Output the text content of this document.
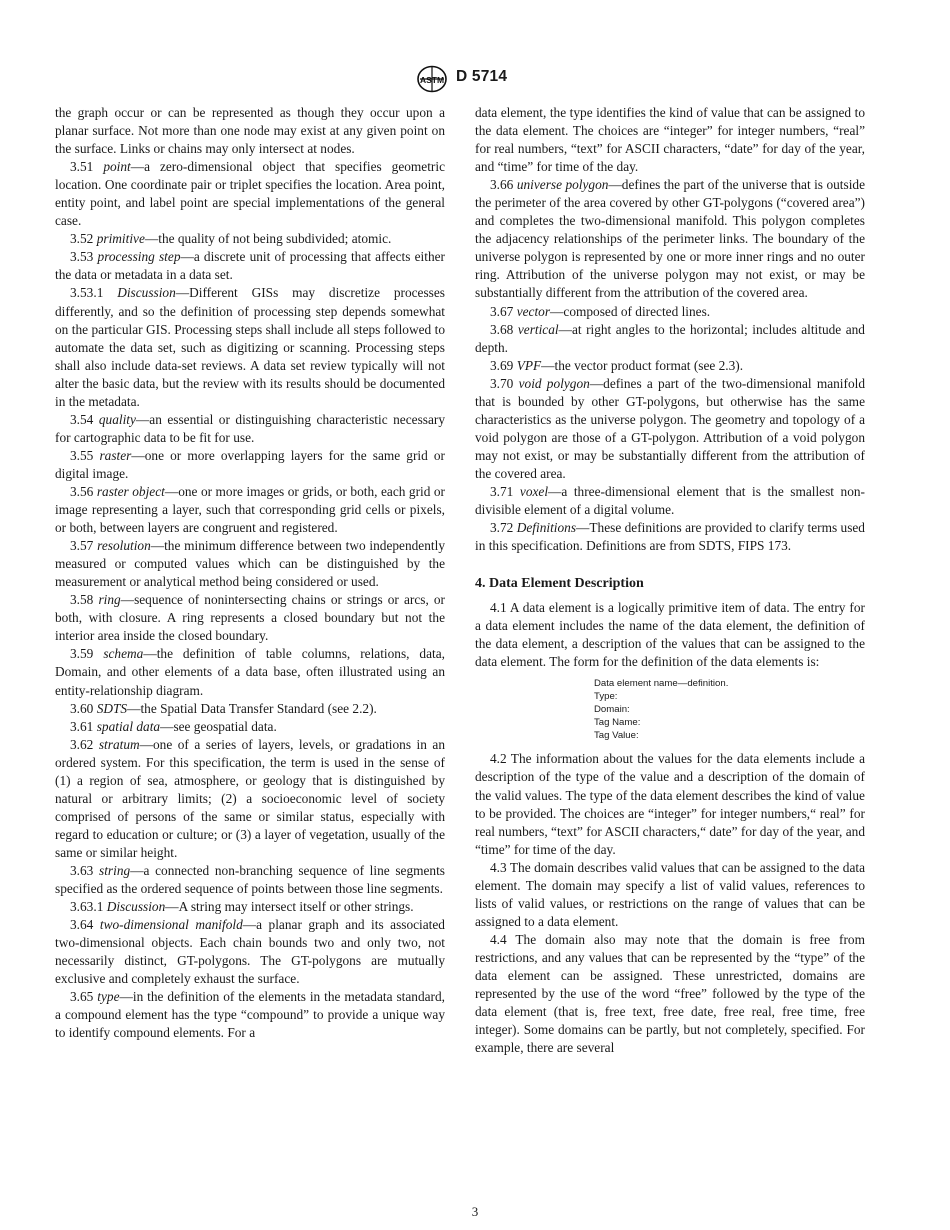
ASTM D 5714

the graph occur or can be represented as though they occur upon a planar surface. Not more than one node may exist at any given point on the surface. Links or chains may only intersect at nodes.

3.51 point—a zero-dimensional object that specifies geometric location. One coordinate pair or triplet specifies the location. Area point, entity point, and label point are special implementations of the general case.

3.52 primitive—the quality of not being subdivided; atomic.

3.53 processing step—a discrete unit of processing that affects either the data or metadata in a data set.

3.53.1 Discussion—Different GISs may discretize processes differently, and so the definition of processing step depends somewhat on the particular GIS. Processing steps shall include all steps followed to automate the data set, such as digitizing or scanning. Processing steps shall also include data-set reviews. A data set review typically will not alter the basic data, but the review with its results should be documented in the metadata.

3.54 quality—an essential or distinguishing characteristic necessary for cartographic data to be fit for use.

3.55 raster—one or more overlapping layers for the same grid or digital image.

3.56 raster object—one or more images or grids, or both, each grid or image representing a layer, such that corresponding grid cells or pixels, or both, between layers are congruent and registered.

3.57 resolution—the minimum difference between two independently measured or computed values which can be distinguished by the measurement or analytical method being considered or used.

3.58 ring—sequence of nonintersecting chains or strings or arcs, or both, with closure. A ring represents a closed boundary but not the interior area inside the closed boundary.

3.59 schema—the definition of table columns, relations, data, Domain, and other elements of a data base, often illustrated using an entity-relationship diagram.

3.60 SDTS—the Spatial Data Transfer Standard (see 2.2).

3.61 spatial data—see geospatial data.

3.62 stratum—one of a series of layers, levels, or gradations in an ordered system. For this specification, the term is used in the sense of (1) a region of sea, atmosphere, or geology that is distinguished by natural or arbitrary limits; (2) a socioeconomic level of society comprised of persons of the same or similar status, especially with regard to education or culture; or (3) a layer of vegetation, usually of the same or similar height.

3.63 string—a connected non-branching sequence of line segments specified as the ordered sequence of points between those line segments.

3.63.1 Discussion—A string may intersect itself or other strings.

3.64 two-dimensional manifold—a planar graph and its associated two-dimensional objects. Each chain bounds two and only two, not necessarily distinct, GT-polygons. The GT-polygons are mutually exclusive and completely exhaust the surface.

3.65 type—in the definition of the elements in the metadata standard, a compound element has the type “compound” to provide a unique way to identify compound elements. For a

data element, the type identifies the kind of value that can be assigned to the data element. The choices are “integer” for integer numbers, “real” for real numbers, “text” for ASCII characters, “date” for day of the year, and “time” for time of the day.

3.66 universe polygon—defines the part of the universe that is outside the perimeter of the area covered by other GT-polygons (“covered area”) and completes the two-dimensional manifold. This polygon completes the adjacency relationships of the perimeter links. The boundary of the universe polygon is represented by one or more inner rings and no outer ring. Attribution of the universe polygon may not exist, or may be substantially different from the attribution of the covered area.

3.67 vector—composed of directed lines.

3.68 vertical—at right angles to the horizontal; includes altitude and depth.

3.69 VPF—the vector product format (see 2.3).

3.70 void polygon—defines a part of the two-dimensional manifold that is bounded by other GT-polygons, but otherwise has the same characteristics as the universe polygon. The geometry and topology of a void polygon are those of a GT-polygon. Attribution of a void polygon may not exist, or may be substantially different from the attribution of the covered area.

3.71 voxel—a three-dimensional element that is the smallest non-divisible element of a digital volume.

3.72 Definitions—These definitions are provided to clarify terms used in this specification. Definitions are from SDTS, FIPS 173.

4. Data Element Description

4.1 A data element is a logically primitive item of data. The entry for a data element includes the name of the data element, the definition of the data element, a description of the values that can be assigned to the data element. The form for the definition of the data elements is:

Data element name—definition.
Type:
Domain:
Tag Name:
Tag Value:

4.2 The information about the values for the data elements include a description of the type of the value and a description of the domain of the valid values. The type of the data element describes the kind of value to be provided. The choices are “integer” for integer numbers,“ real” for real numbers, “text” for ASCII characters,“ date” for day of the year, and “time” for time of the day.

4.3 The domain describes valid values that can be assigned to the data element. The domain may specify a list of valid values, references to lists of valid values, or restrictions on the range of values that can be assigned to a data element.

4.4 The domain also may note that the domain is free from restrictions, and any values that can be represented by the “type” of the data element can be assigned. These unrestricted, domains are represented by the use of the word “free” followed by the type of the data element (that is, free text, free date, free real, free time, free integer). Some domains can be partly, but not completely, specified. For example, there are several

3
